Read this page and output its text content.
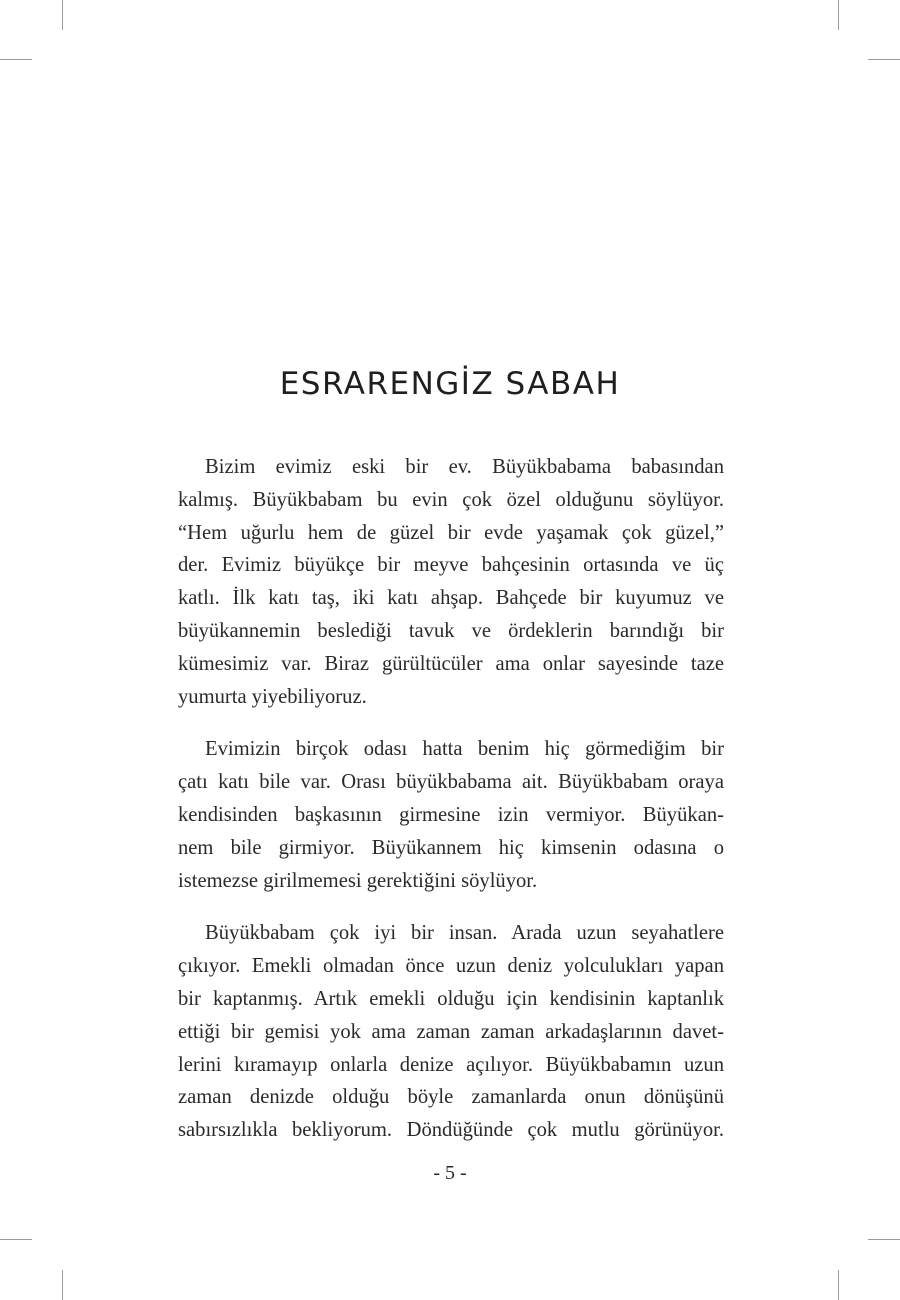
ESRARENGİZ SABAH

Bizim evimiz eski bir ev. Büyükbabama babasından
kalmış. Büyükbabam bu evin çok özel olduğunu söylüyor.
“Hem uğurlu hem de güzel bir evde yaşamak çok güzel,”
der. Evimiz büyükçe bir meyve bahçesinin ortasında ve üç
katlı. İlk katı taş, iki katı ahşap. Bahçede bir kuyumuz ve
büyükannemin beslediği tavuk ve ördeklerin barındığı bir
kümesimiz var. Biraz gürültücüler ama onlar sayesinde taze
yumurta yiyebiliyoruz.

Evimizin birçok odası hatta benim hiç görmediğim bir
çatı katı bile var. Orası büyükbabama ait. Büyükbabam oraya
kendisinden başkasının girmesine izin vermiyor. Büyükan-
nem bile girmiyor. Büyükannem hiç kimsenin odasına o
istemezse girilmemesi gerektiğini söylüyor.

Büyükbabam çok iyi bir insan. Arada uzun seyahatlere
çıkıyor. Emekli olmadan önce uzun deniz yolculukları yapan
bir kaptanmış. Artık emekli olduğu için kendisinin kaptanlık
ettiği bir gemisi yok ama zaman zaman arkadaşlarının davet-
lerini kıramayıp onlarla denize açılıyor. Büyükbabamın uzun
zaman denizde olduğu böyle zamanlarda onun dönüşünü
sabırsızlıkla bekliyorum. Döndüğünde çok mutlu görünüyor.

- 5 -
